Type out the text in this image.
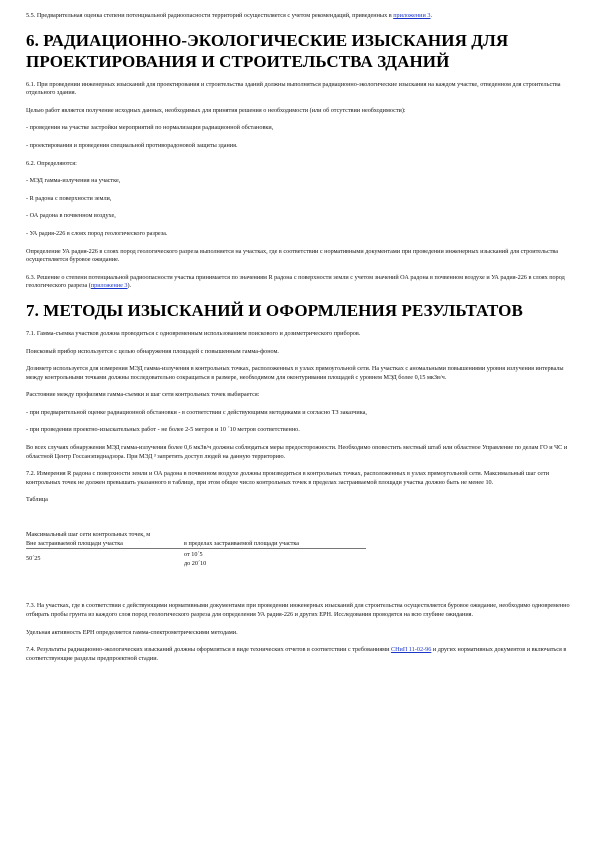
5.5. Предварительная оценка степени потенциальной радиоопасности территорий осуществляется с учетом рекомендаций, приведенных в приложении 3.

6. РАДИАЦИОННО-ЭКОЛОГИЧЕСКИЕ ИЗЫСКАНИЯ ДЛЯ ПРОЕКТИРОВАНИЯ И СТРОИТЕЛЬСТВА ЗДАНИЙ

6.1. При проведении инженерных изысканий для проектирования и строительства зданий должны выполняться радиационно-экологические изыскания на каждом участке, отведенном для строительства отдельного здания.

Целью работ является получение исходных данных, необходимых для принятия решения о необходимости (или об отсутствии необходимости):

- проведения на участке застройки мероприятий по нормализации радиационной обстановки,

- проектирования и проведения специальной противорадоновой защиты здания.

6.2. Определяются:

- МЭД гамма-излучения на участке,

- R радона с поверхности земли,

- ОА радона в почвенном воздухе,

- УА радия-226 в слоях пород геологического разреза.

Определение УА радия-226 в слоях пород геологического разреза выполняется на участках, где в соответствии с нормативными документами при проведении инженерных изысканий для строительства осуществляется буровое ожидание.

6.3. Решение о степени потенциальной радиоопасности участка принимается по значениям R радона с поверхности земли с учетом значений ОА радона в почвенном воздухе и УА радия-226 в слоях пород геологического разреза (приложение 3).

7. МЕТОДЫ ИЗЫСКАНИЙ И ОФОРМЛЕНИЯ РЕЗУЛЬТАТОВ

7.1. Гамма-съемка участков должна проводиться с одновременным использованием поискового и дозиметрического приборов.

Поисковый прибор используется с целью обнаружения площадей с повышенным гамма-фоном.

Дозиметр используется для измерения МЭД гамма-излучения в контрольных точках, расположенных в узлах прямоугольной сети. На участках с аномальными повышениями уровня излучения интервалы между контрольными точками должны последовательно сокращаться в размере, необходимом для оконтуривания площадей с уровнем МЭД более 0,15 мкЗв/ч.

Расстояние между профилями гамма-съемки и шаг сети контрольных точек выбирается:

- при предварительной оценке радиационной обстановки - в соответствии с действующими методиками и согласно ТЗ заказчика,

- при проведении проектно-изыскательных работ - не более 2-5 метров и 10 ´10 метров соответственно.

Во всех случаях обнаружения МЭД гамма-излучения более 0,6 мкЗв/ч должны соблюдаться меры предосторожности. Необходимо оповестить местный штаб или областное Управление по делам ГО и ЧС и областной Центр Госсанэпиднадзора. При МЭД ³ запретить доступ людей на данную территорию.

7.2. Измерения R радона с поверхности земли и ОА радона в почвенном воздухе должны производиться в контрольных точках, расположенных в узлах прямоугольной сети. Максимальный шаг сети контрольных точек не должен превышать указанного в таблице, при этом общее число контрольных точек в пределах застраиваемой площади участка должно быть не менее 10.

Таблица

Максимальный шаг сети контрольных точек, м
Вне застраиваемой площади участка	в пределах застраиваемой площади участка
50´25
от 10´5
до 20´10

7.3. На участках, где в соответствии с действующими нормативными документами при проведении инженерных изысканий для строительства осуществляется буровое ожидание, необходимо одновременно отбирать пробы грунта из каждого слоя пород геологического разреза для определения УА радия-226 и других ЕРН. Исследования проводятся на всю глубине ожидания.

Удельная активность ЕРН определяется гамма-спектрометрическими методами.

7.4. Результаты радиационно-экологических изысканий должны оформляться в виде технических отчетов в соответствии с требованиями СНиП 11-02-96 и других нормативных документов и включаться в соответствующие разделы предпроектной стадии.
